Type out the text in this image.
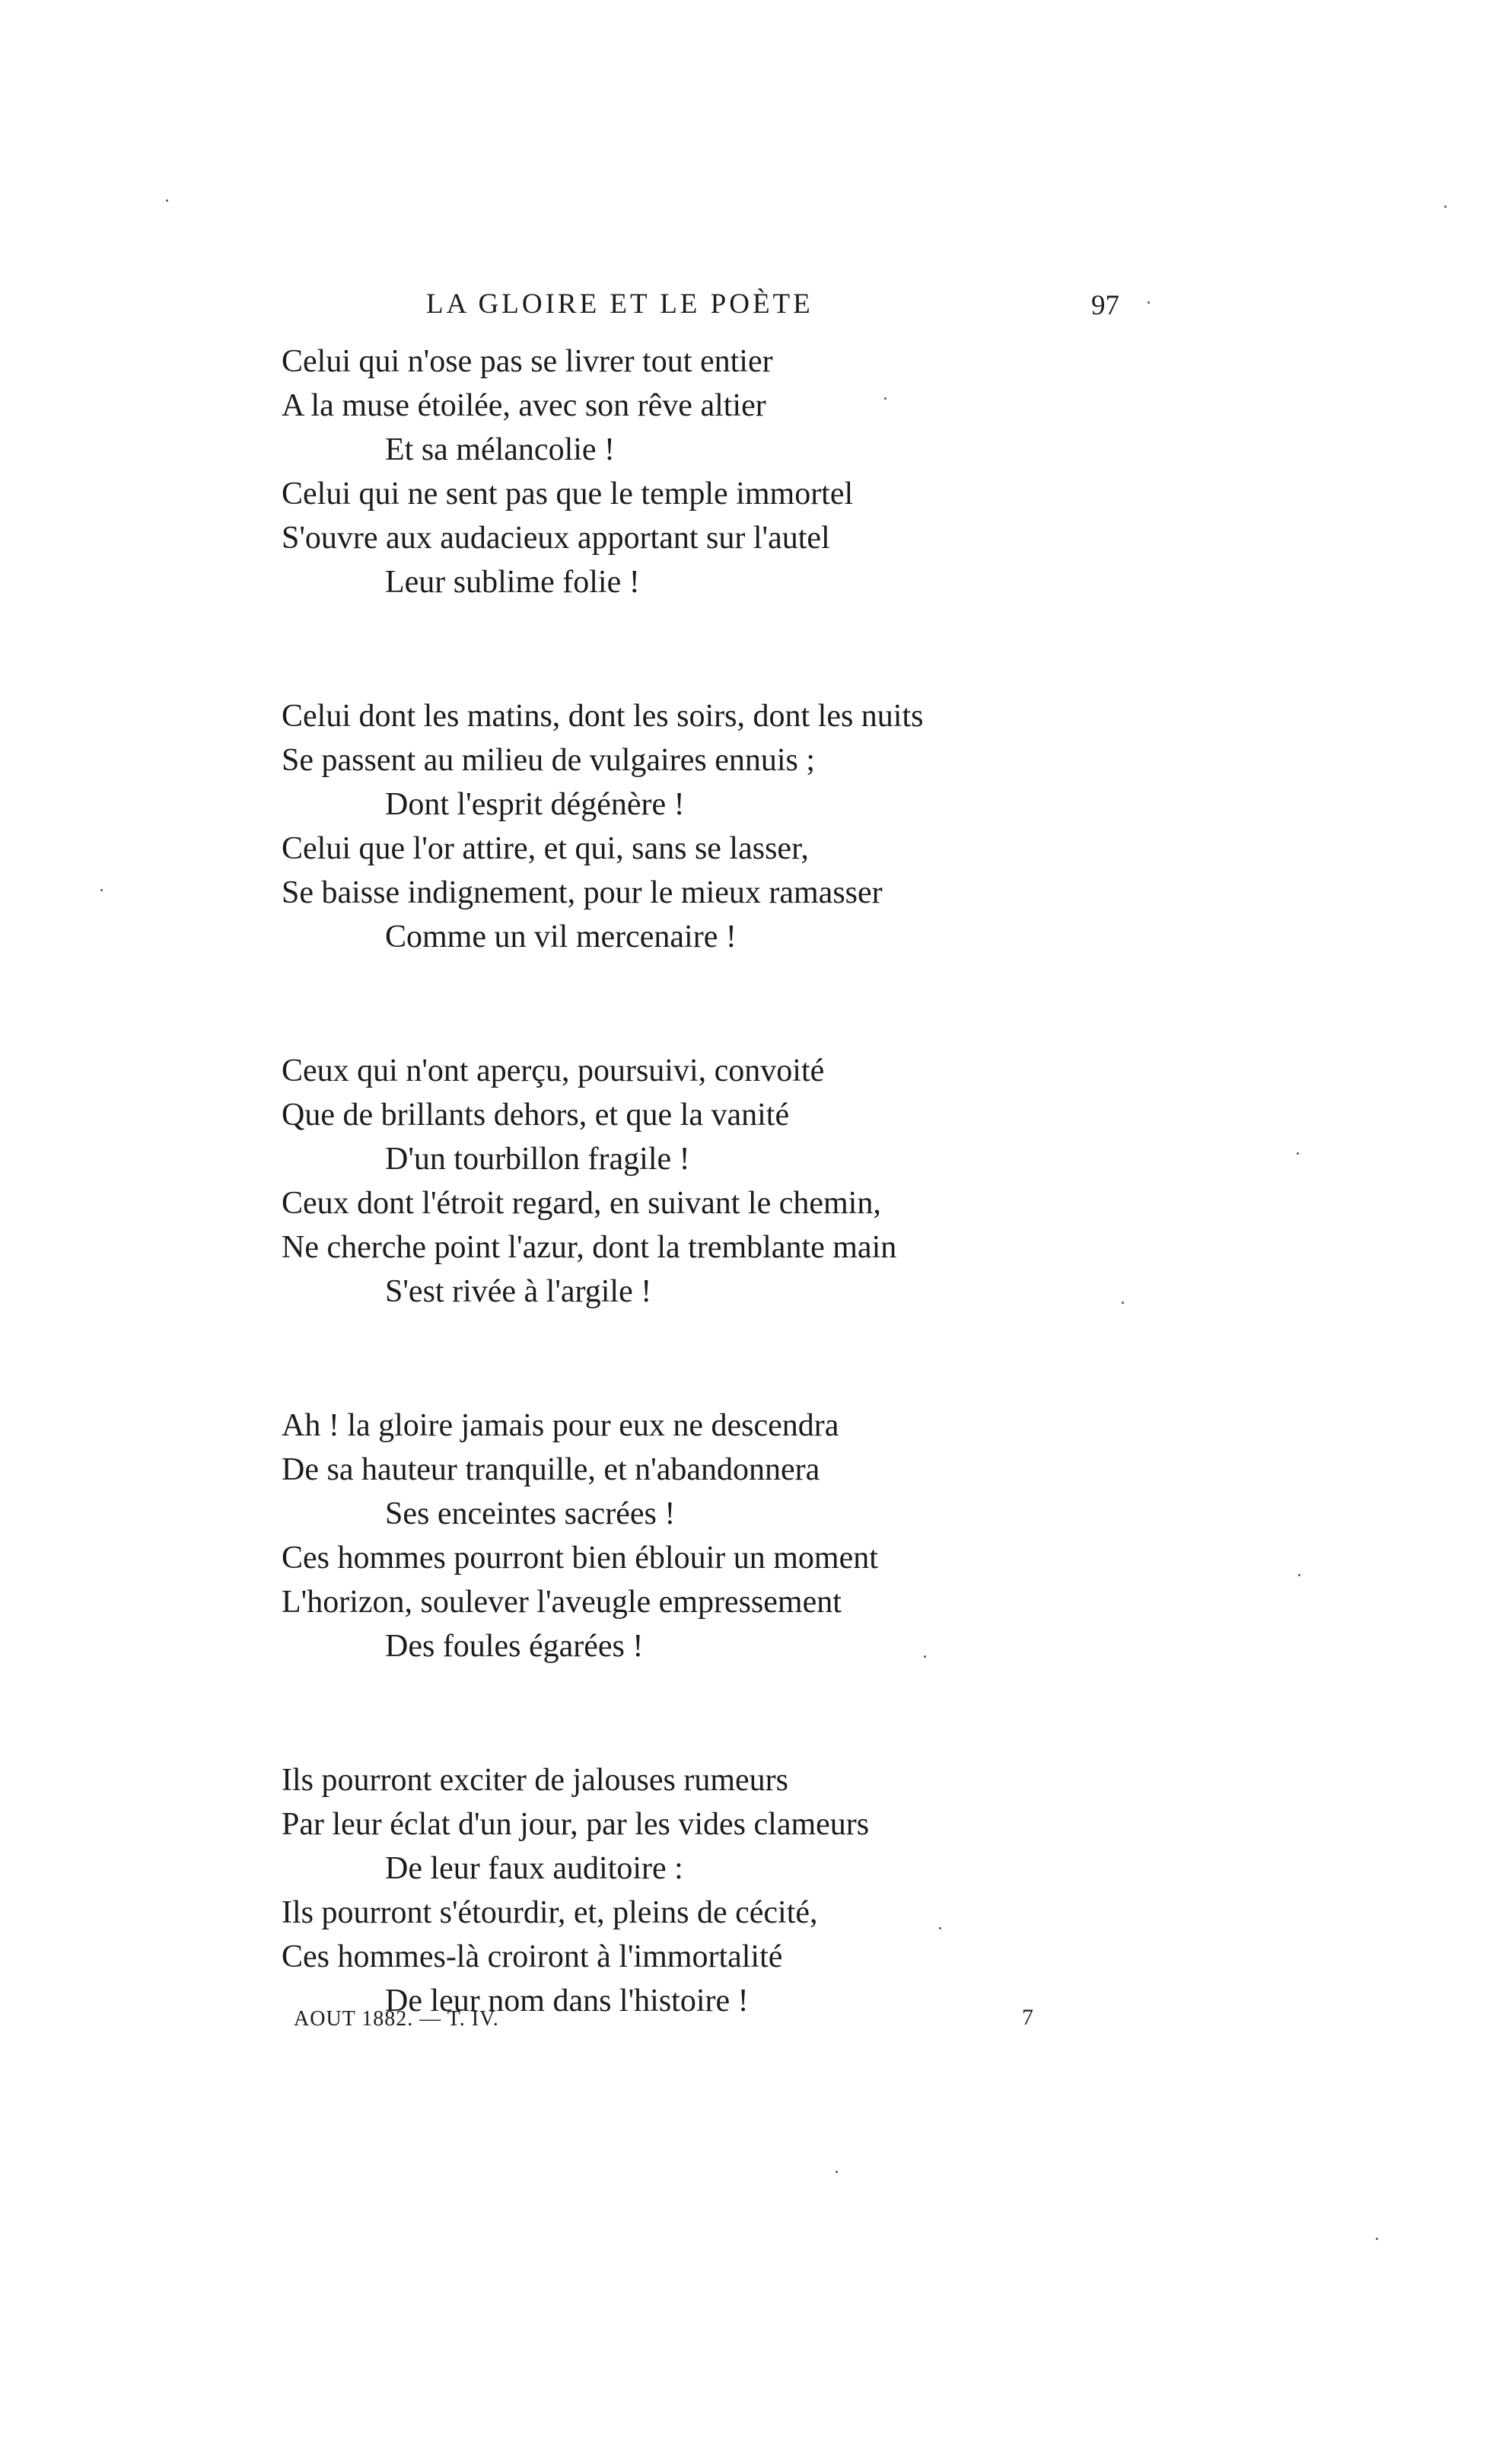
LA GLOIRE ET LE POÈTE	97
Celui qui n'ose pas se livrer tout entier
A la muse étoilée, avec son rêve altier
Et sa mélancolie !
Celui qui ne sent pas que le temple immortel
S'ouvre aux audacieux apportant sur l'autel
Leur sublime folie !
Celui dont les matins, dont les soirs, dont les nuits
Se passent au milieu de vulgaires ennuis ;
Dont l'esprit dégénère !
Celui que l'or attire, et qui, sans se lasser,
Se baisse indignement, pour le mieux ramasser
Comme un vil mercenaire !
Ceux qui n'ont aperçu, poursuivi, convoité
Que de brillants dehors, et que la vanité
D'un tourbillon fragile !
Ceux dont l'étroit regard, en suivant le chemin,
Ne cherche point l'azur, dont la tremblante main
S'est rivée à l'argile !
Ah ! la gloire jamais pour eux ne descendra
De sa hauteur tranquille, et n'abandonnera
Ses enceintes sacrées !
Ces hommes pourront bien éblouir un moment
L'horizon, soulever l'aveugle empressement
Des foules égarées !
Ils pourront exciter de jalouses rumeurs
Par leur éclat d'un jour, par les vides clameurs
De leur faux auditoire :
Ils pourront s'étourdir, et, pleins de cécité,
Ces hommes-là croiront à l'immortalité
De leur nom dans l'histoire !
AOUT 1882. — T. IV.	7
